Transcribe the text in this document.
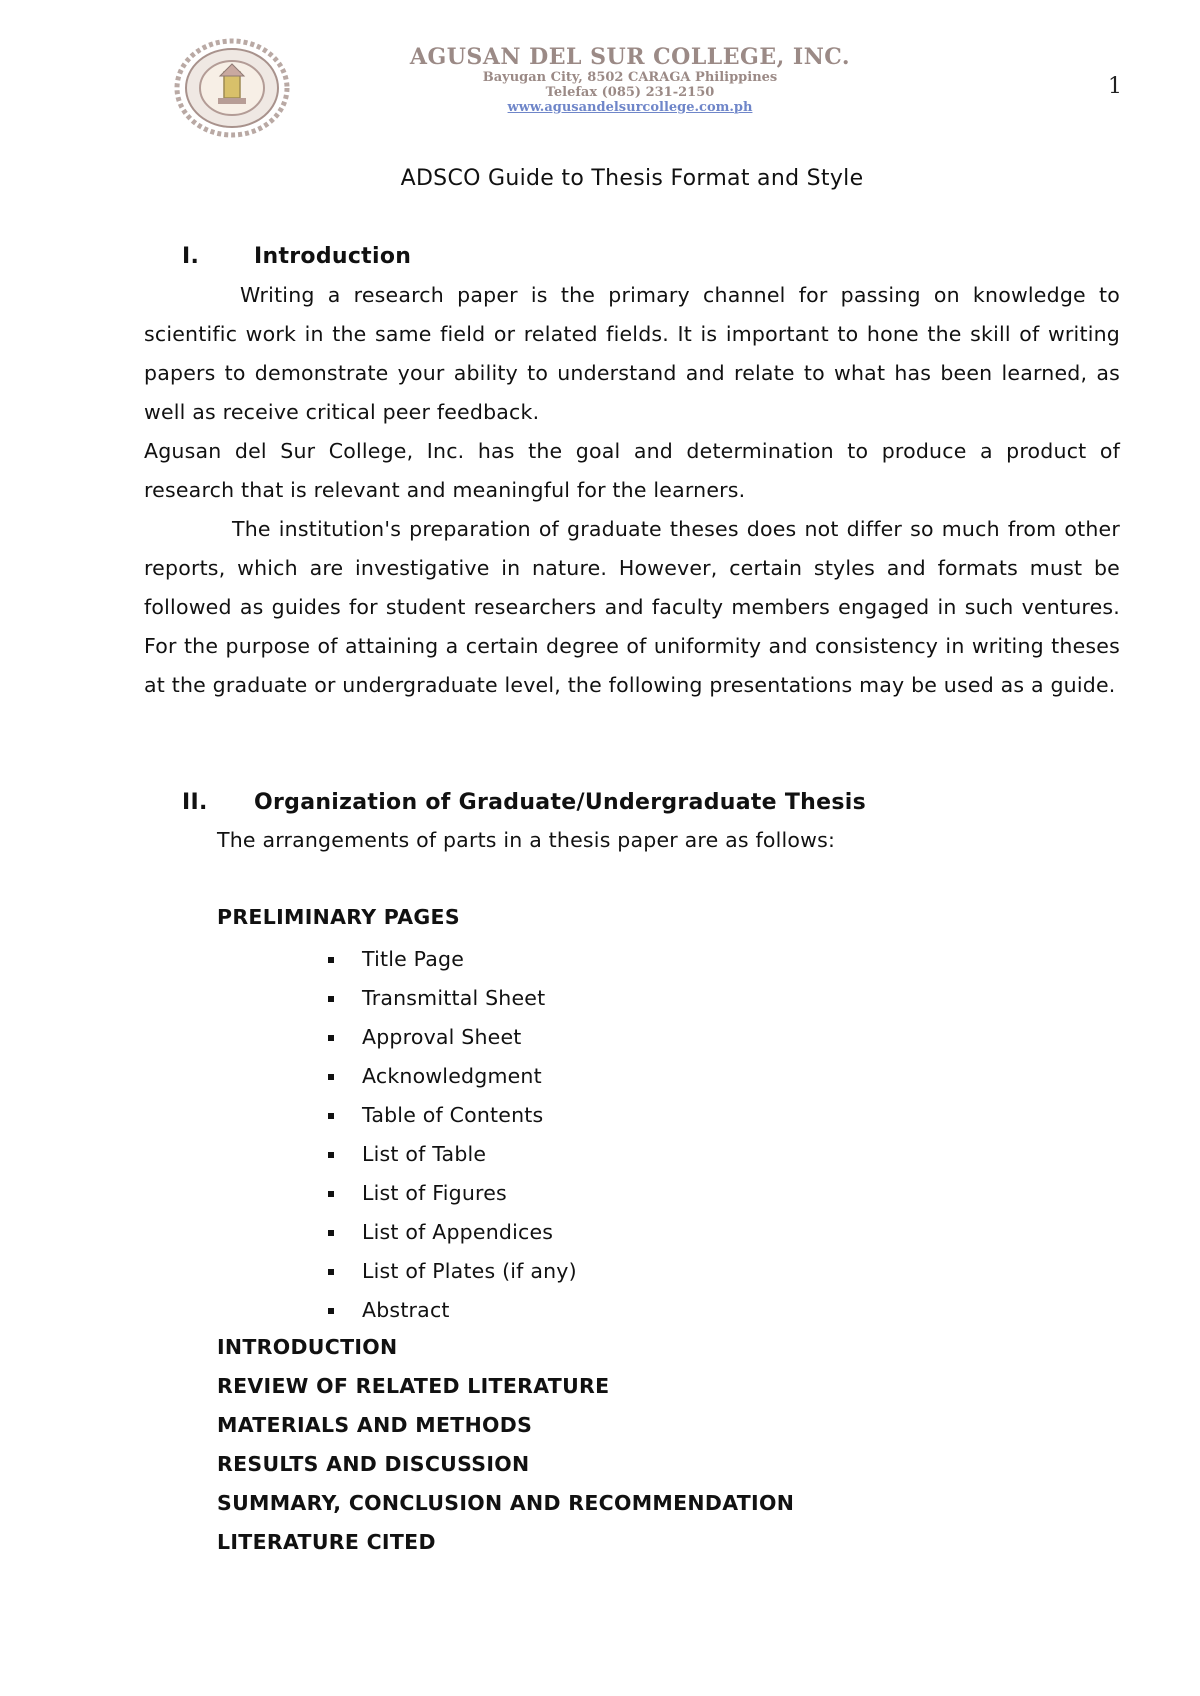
AGUSAN DEL SUR COLLEGE, INC.
Bayugan City, 8502 CARAGA Philippines
Telefax (085) 231-2150
www.agusandelsurcollege.com.ph
1
ADSCO Guide to Thesis Format and Style
I. Introduction
Writing a research paper is the primary channel for passing on knowledge to scientific work in the same field or related fields. It is important to hone the skill of writing papers to demonstrate your ability to understand and relate to what has been learned, as well as receive critical peer feedback.
Agusan del Sur College, Inc. has the goal and determination to produce a product of research that is relevant and meaningful for the learners.
The institution's preparation of graduate theses does not differ so much from other reports, which are investigative in nature. However, certain styles and formats must be followed as guides for student researchers and faculty members engaged in such ventures. For the purpose of attaining a certain degree of uniformity and consistency in writing theses at the graduate or undergraduate level, the following presentations may be used as a guide.
II. Organization of Graduate/Undergraduate Thesis
The arrangements of parts in a thesis paper are as follows:
PRELIMINARY PAGES
Title Page
Transmittal Sheet
Approval Sheet
Acknowledgment
Table of Contents
List of Table
List of Figures
List of Appendices
List of Plates (if any)
Abstract
INTRODUCTION
REVIEW OF RELATED LITERATURE
MATERIALS AND METHODS
RESULTS AND DISCUSSION
SUMMARY, CONCLUSION AND RECOMMENDATION
LITERATURE CITED
